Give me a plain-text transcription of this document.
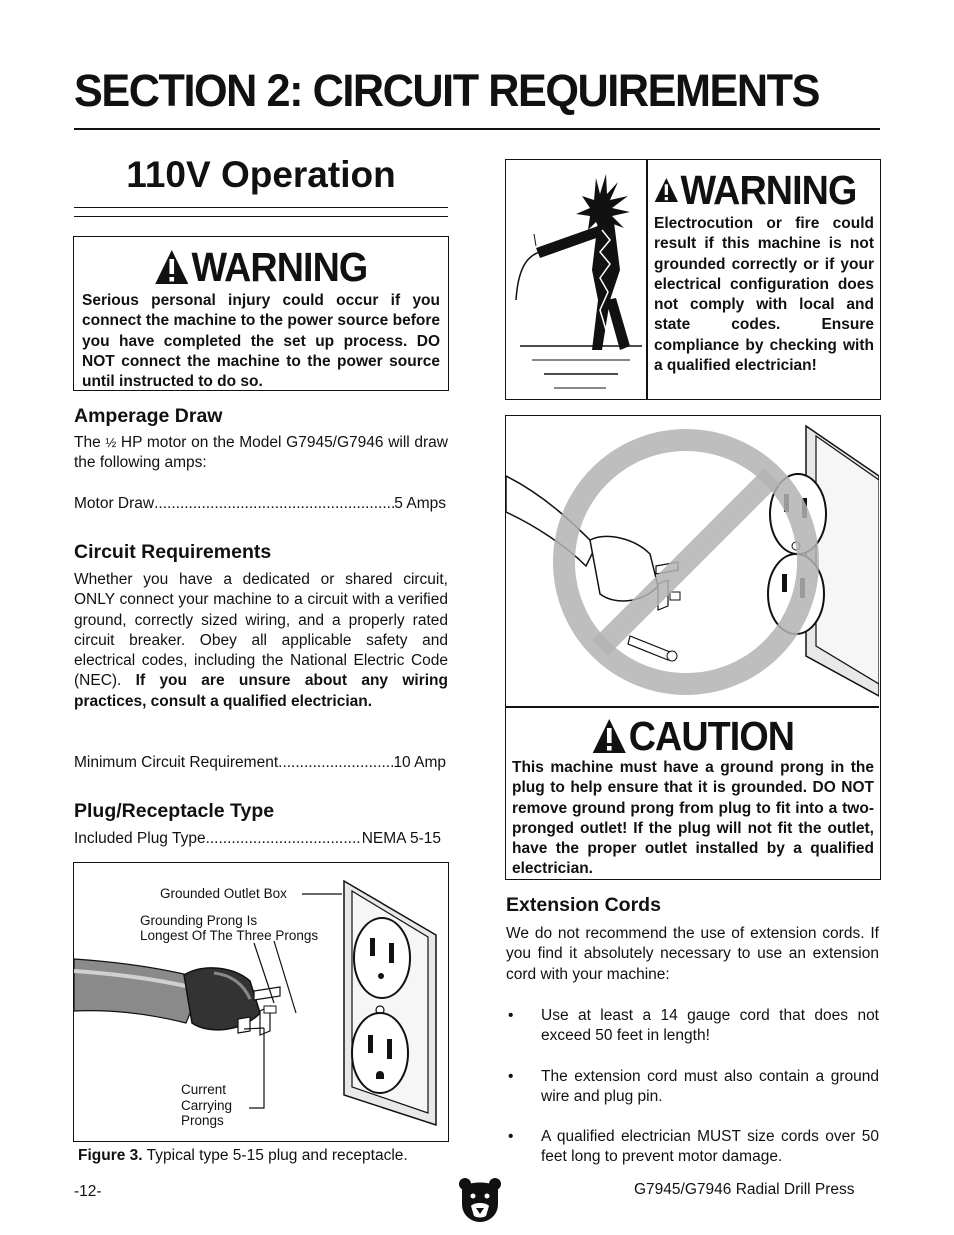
SECTION 2: CIRCUIT REQUIREMENTS
110V Operation
WARNING
Serious personal injury could occur if you connect the machine to the power source before you have completed the set up process. DO NOT connect the machine to the power source until instructed to do so.
Amperage Draw
The ½ HP motor on the Model G7945/G7946 will draw the following amps:
Motor Draw .....	5 Amps
Circuit Requirements
Whether you have a dedicated or shared circuit, ONLY connect your machine to a circuit with a verified ground, correctly sized wiring, and a properly rated circuit breaker. Obey all applicable safety and electrical codes, including the National Electric Code (NEC). If you are unsure about any wiring practices, consult a qualified electrician.
Minimum Circuit Requirement .....	10 Amp
Plug/Receptacle Type
Included Plug Type .....	NEMA 5-15
Grounded Outlet Box
Grounding Prong Is
Longest Of The Three Prongs
Current
Carrying
Prongs
Figure 3. Typical type 5-15 plug and receptacle.
WARNING
Electrocution or fire could result if this machine is not grounded correctly or if your electrical configuration does not comply with local and state codes. Ensure compliance by checking with a qualified electrician!
CAUTION
This machine must have a ground prong in the plug to help ensure that it is grounded. DO NOT remove ground prong from plug to fit into a two-pronged outlet! If the plug will not fit the outlet, have the proper outlet installed by a qualified electrician.
Extension Cords
We do not recommend the use of extension cords. If you find it absolutely necessary to use an extension cord with your machine:
•	Use at least a 14 gauge cord that does not exceed 50 feet in length!
•	The extension cord must also contain a ground wire and plug pin.
•	A qualified electrician MUST size cords over 50 feet long to prevent motor damage.
-12-	G7945/G7946 Radial Drill Press
